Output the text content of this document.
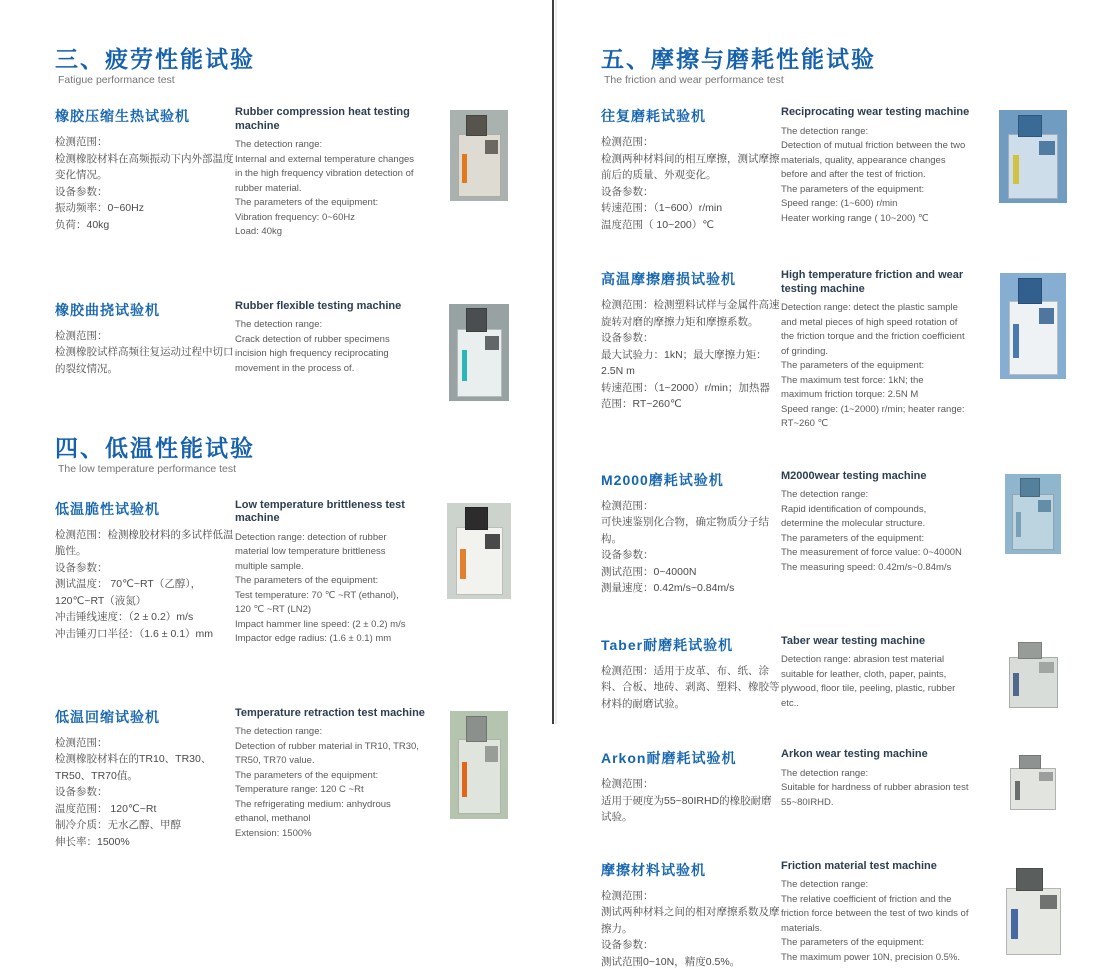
三、疲劳性能试验
Fatigue performance test
橡胶压缩生热试验机
检测范围：
检测橡胶材料在高频振动下内外部温度
变化情况。
设备参数：
振动频率：0~60Hz
负荷：40kg
Rubber compression heat testing machine
The detection range:
Internal and external temperature changes
in the high frequency vibration detection of
rubber material.
The parameters of the equipment:
Vibration frequency: 0~60Hz
Load: 40kg
橡胶曲挠试验机
检测范围：
检测橡胶试样高频往复运动过程中切口
的裂纹情况。
Rubber flexible testing machine
The detection range:
Crack detection of rubber specimens
incision high frequency reciprocating
movement in the process of.
四、低温性能试验
The low temperature performance test
低温脆性试验机
检测范围：检测橡胶材料的多试样低温
脆性。
设备参数：
测试温度： 70℃~RT（乙醇），
120℃~RT（液氮）
冲击锤线速度：（2 ± 0.2）m/s
冲击锤刃口半径：（1.6 ± 0.1）mm
Low temperature brittleness test machine
Detection range: detection of rubber
material low temperature brittleness
multiple sample.
The parameters of the equipment:
Test temperature: 70 ℃ ~RT (ethanol),
120 ℃ ~RT (LN2)
Impact hammer line speed: (2 ± 0.2) m/s
Impactor edge radius: (1.6 ± 0.1) mm
低温回缩试验机
检测范围：
检测橡胶材料在的TR10、TR30、
TR50、TR70值。
设备参数：
温度范围： 120℃~Rt
制冷介质：无水乙醇、甲醇
伸长率：1500%
Temperature retraction test machine
The detection range:
Detection of rubber material in TR10, TR30,
TR50, TR70 value.
The parameters of the equipment:
Temperature range: 120 C ~Rt
The refrigerating medium: anhydrous
ethanol, methanol
Extension: 1500%
五、摩擦与磨耗性能试验
The friction and wear performance test
往复磨耗试验机
检测范围：
检测两种材料间的相互摩擦，测试摩擦
前后的质量、外观变化。
设备参数：
转速范围：（1~600）r/min
温度范围（ 10~200）℃
Reciprocating wear testing machine
The detection range:
Detection of mutual friction between the two
materials, quality, appearance changes
before and after the test of friction.
The parameters of the equipment:
Speed range: (1~600) r/min
Heater working range ( 10~200) ℃
高温摩擦磨损试验机
检测范围：检测塑料试样与金属件高速
旋转对磨的摩擦力矩和摩擦系数。
设备参数：
最大试验力：1kN；最大摩擦力矩：
2.5N m
转速范围：（1~2000）r/min；加热器
范围：RT~260℃
High temperature friction and wear testing machine
Detection range: detect the plastic sample
and metal pieces of high speed rotation of
the friction torque and the friction coefficient
of grinding.
The parameters of the equipment:
The maximum test force: 1kN; the
maximum friction torque: 2.5N M
Speed range: (1~2000) r/min; heater range:
RT~260 ℃
M2000磨耗试验机
检测范围：
可快速鉴别化合物，确定物质分子结构。
设备参数：
测试范围：0~4000N
测量速度：0.42m/s~0.84m/s
M2000wear testing machine
The detection range:
Rapid identification of compounds,
determine the molecular structure.
The parameters of the equipment:
The measurement of force value: 0~4000N
The measuring speed: 0.42m/s~0.84m/s
Taber耐磨耗试验机
检测范围：适用于皮革、布、纸、涂
料、合板、地砖、剥离、塑料、橡胶等
材料的耐磨试验。
Taber wear testing machine
Detection range: abrasion test material
suitable for leather, cloth, paper, paints,
plywood, floor tile, peeling, plastic, rubber etc..
Arkon耐磨耗试验机
检测范围：
适用于硬度为55~80IRHD的橡胶耐磨试验。
Arkon wear testing machine
The detection range:
Suitable for hardness of rubber abrasion test
55~80IRHD.
摩擦材料试验机
检测范围：
测试两种材料之间的相对摩擦系数及摩擦力。
设备参数：
测试范围0~10N，精度0.5%。
Friction material test machine
The detection range:
The relative coefficient of friction and the
friction force between the test of two kinds of
materials.
The parameters of the equipment:
The maximum power 10N, precision 0.5%.
